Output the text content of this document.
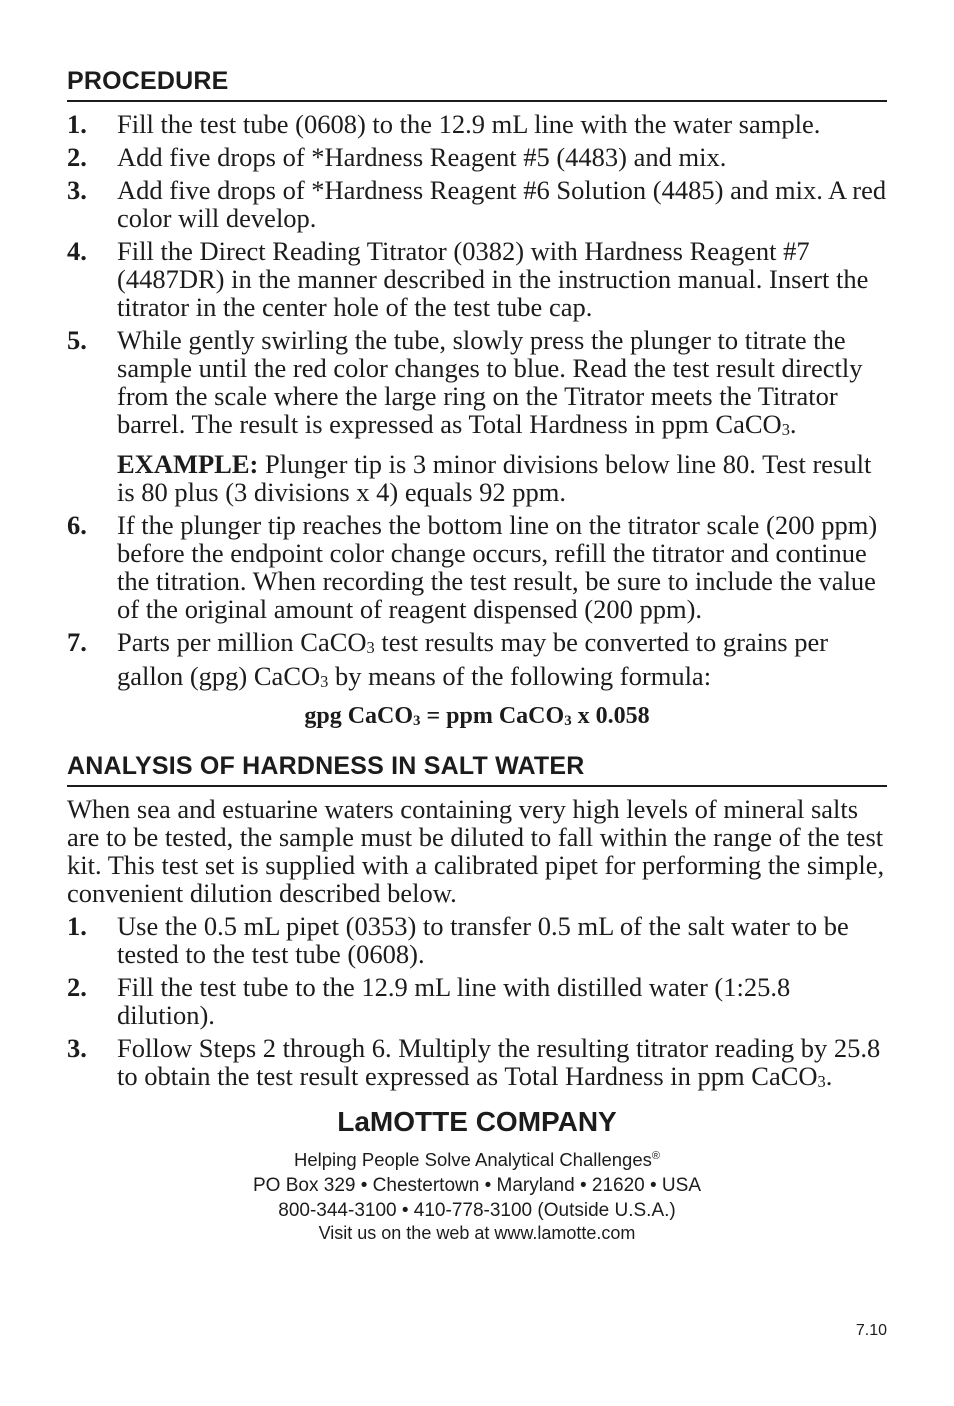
PROCEDURE
1. Fill the test tube (0608) to the 12.9 mL line with the water sample.
2. Add five drops of *Hardness Reagent #5 (4483) and mix.
3. Add five drops of *Hardness Reagent #6 Solution (4485) and mix. A red color will develop.
4. Fill the Direct Reading Titrator (0382) with Hardness Reagent #7 (4487DR) in the manner described in the instruction manual. Insert the titrator in the center hole of the test tube cap.
5. While gently swirling the tube, slowly press the plunger to titrate the sample until the red color changes to blue. Read the test result directly from the scale where the large ring on the Titrator meets the Titrator barrel. The result is expressed as Total Hardness in ppm CaCO$_3$.
EXAMPLE: Plunger tip is 3 minor divisions below line 80. Test result is 80 plus (3 divisions x 4) equals 92 ppm.
6. If the plunger tip reaches the bottom line on the titrator scale (200 ppm) before the endpoint color change occurs, refill the titrator and continue the titration. When recording the test result, be sure to include the value of the original amount of reagent dispensed (200 ppm).
7. Parts per million CaCO$_3$ test results may be converted to grains per gallon (gpg) CaCO$_3$ by means of the following formula:
gpg CaCO$_3$ = ppm CaCO$_3$ x 0.058
ANALYSIS OF HARDNESS IN SALT WATER
When sea and estuarine waters containing very high levels of mineral salts are to be tested, the sample must be diluted to fall within the range of the test kit. This test set is supplied with a calibrated pipet for performing the simple, convenient dilution described below.
1. Use the 0.5 mL pipet (0353) to transfer 0.5 mL of the salt water to be tested to the test tube (0608).
2. Fill the test tube to the 12.9 mL line with distilled water (1:25.8 dilution).
3. Follow Steps 2 through 6. Multiply the resulting titrator reading by 25.8 to obtain the test result expressed as Total Hardness in ppm CaCO$_3$.
LaMOTTE COMPANY
Helping People Solve Analytical Challenges®
PO Box 329 • Chestertown • Maryland • 21620 • USA
800-344-3100 • 410-778-3100 (Outside U.S.A.)
Visit us on the web at www.lamotte.com
7.10
